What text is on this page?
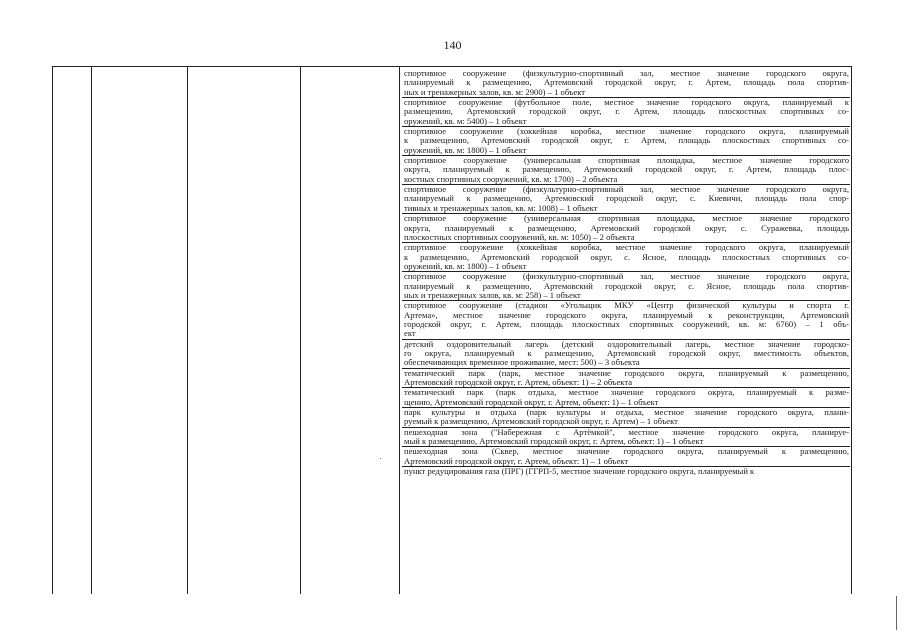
140
спортивное сооружение (физкультурно-спортивный зал, местное значение городского округа,
планируемый к размещению, Артемовский городской округ, г. Артем, площадь пола спортив-
ных и тренажерных залов, кв. м: 2900) – 1 объект
спортивное сооружение (футбольное поле, местное значение городского округа, планируемый к
размещению, Артемовский городской округ, г. Артем, площадь плоскостных спортивных со-
оружений, кв. м: 5400) – 1 объект
спортивное сооружение (хоккейная коробка, местное значение городского округа, планируемый
к размещению, Артемовский городской округ, г. Артем, площадь плоскостных спортивных со-
оружений, кв. м: 1800) – 1 объект
спортивное сооружение (универсальная спортивная площадка, местное значение городского
округа, планируемый к размещению, Артемовский городской округ, г. Артем, площадь плос-
костных спортивных сооружений, кв. м: 1700) – 2 объекта
спортивное сооружение (физкультурно-спортивный зал, местное значение городского округа,
планируемый к размещению, Артемовский городской округ, с. Кневичи, площадь пола спор-
тивных и тренажерных залов, кв. м: 1008) – 1 объект
спортивное сооружение (универсальная спортивная площадка, местное значение городского
округа, планируемый к размещению, Артемовский городской округ, с. Суражевка, площадь
плоскостных спортивных сооружений, кв. м: 1050) – 2 объекта
спортивное сооружение (хоккейная коробка, местное значение городского округа, планируемый
к размещению, Артемовский городской округ, с. Ясное, площадь плоскостных спортивных со-
оружений, кв. м: 1800) – 1 объект
спортивное сооружение (физкультурно-спортивный зал, местное значение городского округа,
планируемый к размещению, Артемовский городской округ, с. Ясное, площадь пола спортив-
ных и тренажерных залов, кв. м: 258) – 1 объект
спортивное сооружение (стадион «Угольщик МКУ «Центр физической культуры и спорта г.
Артема», местное значение городского округа, планируемый к реконструкции, Артемовский
городской округ, г. Артем, площадь плоскостных спортивных сооружений, кв. м: 6760) – 1 объ-
ект
детский оздоровительный лагерь (детский оздоровительный лагерь, местное значение городско-
го округа, планируемый к размещению, Артемовский городской округ, вместимость объектов,
обеспечивающих временное проживание, мест: 500) – 3 объекта
тематический парк (парк, местное значение городского округа, планируемый к размещению,
Артемовский городской округ, г. Артем, объект: 1) – 2 объекта
тематический парк (парк отдыха, местное значение городского округа, планируемый к разме-
щению, Артемовский городской округ, г. Артем, объект: 1) – 1 объект
парк культуры и отдыха (парк культуры и отдыха, местное значение городского округа, плани-
руемый к размещению, Артемовский городской округ, г. Артем) – 1 объект
пешеходная зона ("Набережная с Артёмкой", местное значение городского округа, планируе-
мый к размещению, Артемовский городской округ, г. Артем, объект: 1) – 1 объект
пешеходная зона (Сквер, местное значение городского округа, планируемый к размещению,
Артемовский городской округ, г. Артем, объект: 1) – 1 объект
пункт редуцирования газа (ПРГ) (ГГРП-5, местное значение городского округа, планируемый к
